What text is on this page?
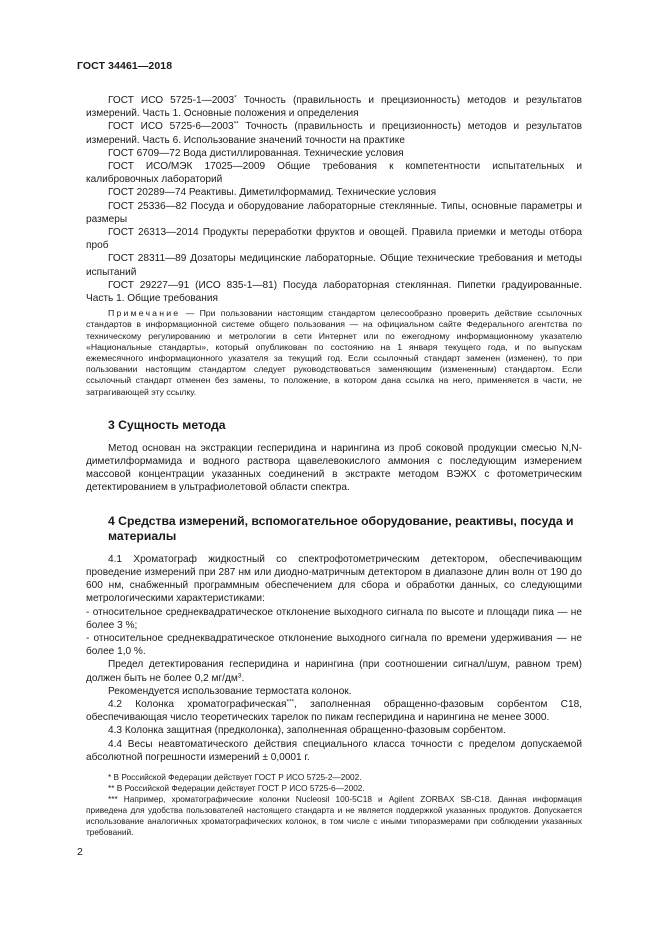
ГОСТ 34461—2018

ГОСТ ИСО 5725-1—2003* Точность (правильность и прецизионность) методов и результатов измерений. Часть 1. Основные положения и определения

ГОСТ ИСО 5725-6—2003** Точность (правильность и прецизионность) методов и результатов измерений. Часть 6. Использование значений точности на практике

ГОСТ 6709—72 Вода дистиллированная. Технические условия

ГОСТ ИСО/МЭК 17025—2009 Общие требования к компетентности испытательных и калибровочных лабораторий

ГОСТ 20289—74 Реактивы. Диметилформамид. Технические условия

ГОСТ 25336—82 Посуда и оборудование лабораторные стеклянные. Типы, основные параметры и размеры

ГОСТ 26313—2014 Продукты переработки фруктов и овощей. Правила приемки и методы отбора проб

ГОСТ 28311—89 Дозаторы медицинские лабораторные. Общие технические требования и методы испытаний

ГОСТ 29227—91 (ИСО 835-1—81) Посуда лабораторная стеклянная. Пипетки градуированные. Часть 1. Общие требования

Примечание — При пользовании настоящим стандартом целесообразно проверить действие ссылочных стандартов в информационной системе общего пользования — на официальном сайте Федерального агентства по техническому регулированию и метрологии в сети Интернет или по ежегодному информационному указателю «Национальные стандарты», который опубликован по состоянию на 1 января текущего года, и по выпускам ежемесячного информационного указателя за текущий год. Если ссылочный стандарт заменен (изменен), то при пользовании настоящим стандартом следует руководствоваться заменяющим (измененным) стандартом. Если ссылочный стандарт отменен без замены, то положение, в котором дана ссылка на него, применяется в части, не затрагивающей эту ссылку.

3 Сущность метода

Метод основан на экстракции гесперидина и нарингина из проб соковой продукции смесью N,N-диметилформамида и водного раствора щавелевокислого аммония с последующим измерением массовой концентрации указанных соединений в экстракте методом ВЭЖХ с фотометрическим детектированием в ультрафиолетовой области спектра.

4 Средства измерений, вспомогательное оборудование, реактивы, посуда и материалы

4.1 Хроматограф жидкостный со спектрофотометрическим детектором, обеспечивающим проведение измерений при 287 нм или диодно-матричным детектором в диапазоне длин волн от 190 до 600 нм, снабженный программным обеспечением для сбора и обработки данных, со следующими метрологическими характеристиками:

- относительное среднеквадратическое отклонение выходного сигнала по высоте и площади пика — не более 3 %;

- относительное среднеквадратическое отклонение выходного сигнала по времени удерживания — не более 1,0 %.

Предел детектирования гесперидина и нарингина (при соотношении сигнал/шум, равном трем) должен быть не более 0,2 $мг/дм^3$.

Рекомендуется использование термостата колонок.

4.2 Колонка хроматографическая***, заполненная обращенно-фазовым сорбентом С18, обеспечивающая число теоретических тарелок по пикам гесперидина и нарингина не менее 3000.

4.3 Колонка защитная (предколонка), заполненная обращенно-фазовым сорбентом.

4.4 Весы неавтоматического действия специального класса точности с пределом допускаемой абсолютной погрешности измерений ± 0,0001 г.

* В Российской Федерации действует ГОСТ Р ИСО 5725-2—2002.

** В Российской Федерации действует ГОСТ Р ИСО 5725-6—2002.

*** Например, хроматографические колонки Nucleosil 100-5C18 и Agilent ZORBAX SB-C18. Данная информация приведена для удобства пользователей настоящего стандарта и не является поддержкой указанных продуктов. Допускается использование аналогичных хроматографических колонок, в том числе с иными типоразмерами при соблюдении указанных требований.

2
